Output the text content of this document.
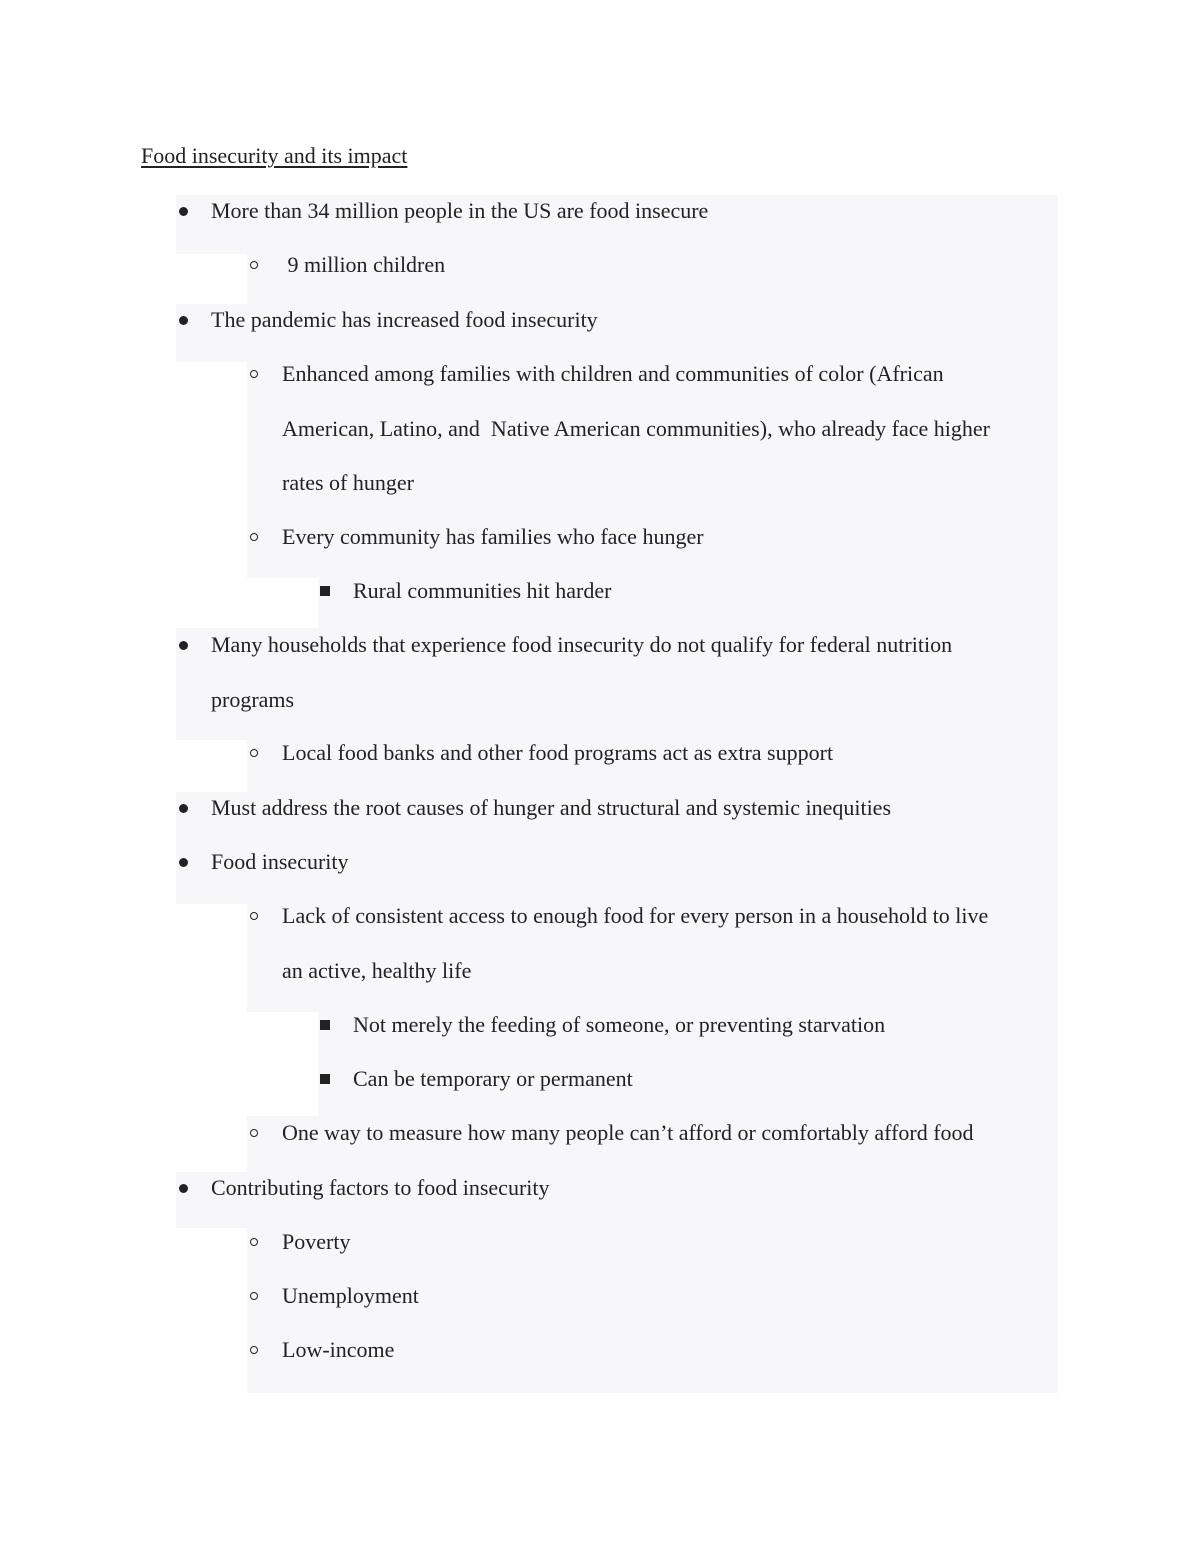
Food insecurity and its impact
More than 34 million people in the US are food insecure
9 million children
The pandemic has increased food insecurity
Enhanced among families with children and communities of color (African
American, Latino, and  Native American communities), who already face higher
rates of hunger
Every community has families who face hunger
Rural communities hit harder
Many households that experience food insecurity do not qualify for federal nutrition
programs
Local food banks and other food programs act as extra support
Must address the root causes of hunger and structural and systemic inequities
Food insecurity
Lack of consistent access to enough food for every person in a household to live
an active, healthy life
Not merely the feeding of someone, or preventing starvation
Can be temporary or permanent
One way to measure how many people can’t afford or comfortably afford food
Contributing factors to food insecurity
Poverty
Unemployment
Low-income
